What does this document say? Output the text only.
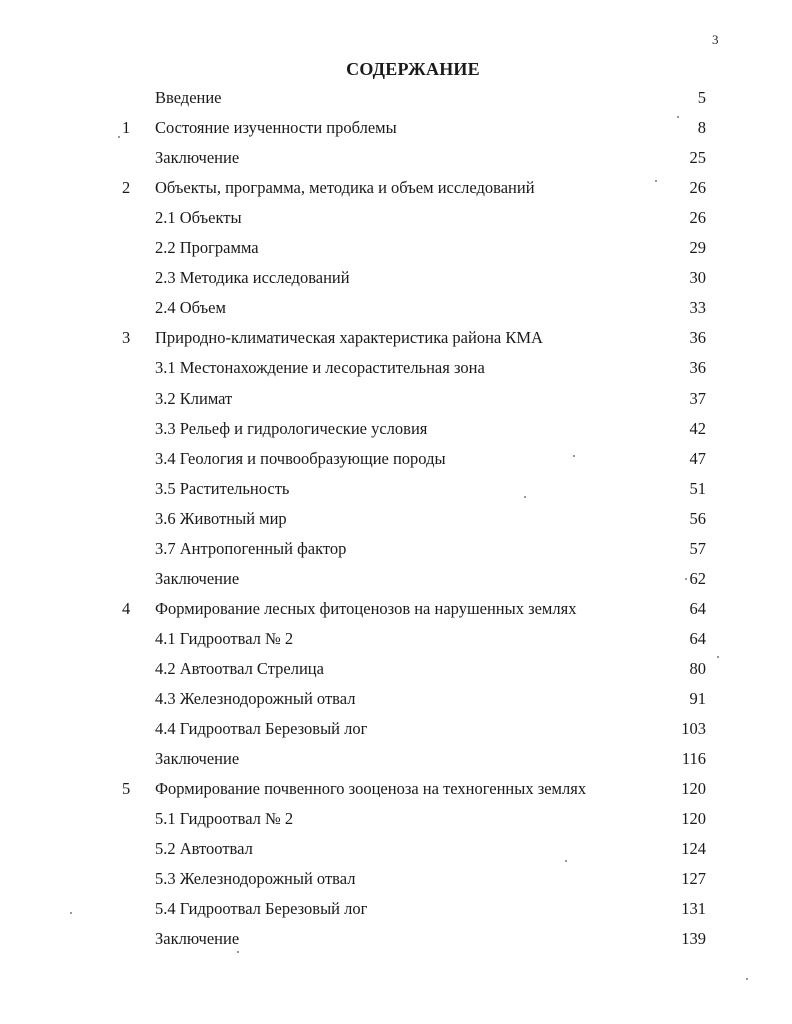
3
СОДЕРЖАНИЕ
Введение	5
1	Состояние изученности проблемы	8
Заключение	25
2	Объекты, программа, методика и объем исследований	26
2.1 Объекты	26
2.2 Программа	29
2.3 Методика исследований	30
2.4 Объем	33
3	Природно-климатическая характеристика района КМА	36
3.1 Местонахождение и лесорастительная зона	36
3.2 Климат	37
3.3 Рельеф и гидрологические условия	42
3.4 Геология и почвообразующие породы	47
3.5 Растительность	51
3.6 Животный мир	56
3.7 Антропогенный фактор	57
Заключение	62
4	Формирование лесных фитоценозов на нарушенных землях	64
4.1 Гидроотвал № 2	64
4.2 Автоотвал Стрелица	80
4.3 Железнодорожный отвал	91
4.4 Гидроотвал Березовый лог	103
Заключение	116
5	Формирование почвенного зооценоза на техногенных землях	120
5.1 Гидроотвал № 2	120
5.2 Автоотвал	124
5.3 Железнодорожный отвал	127
5.4 Гидроотвал Березовый лог	131
Заключение	139
